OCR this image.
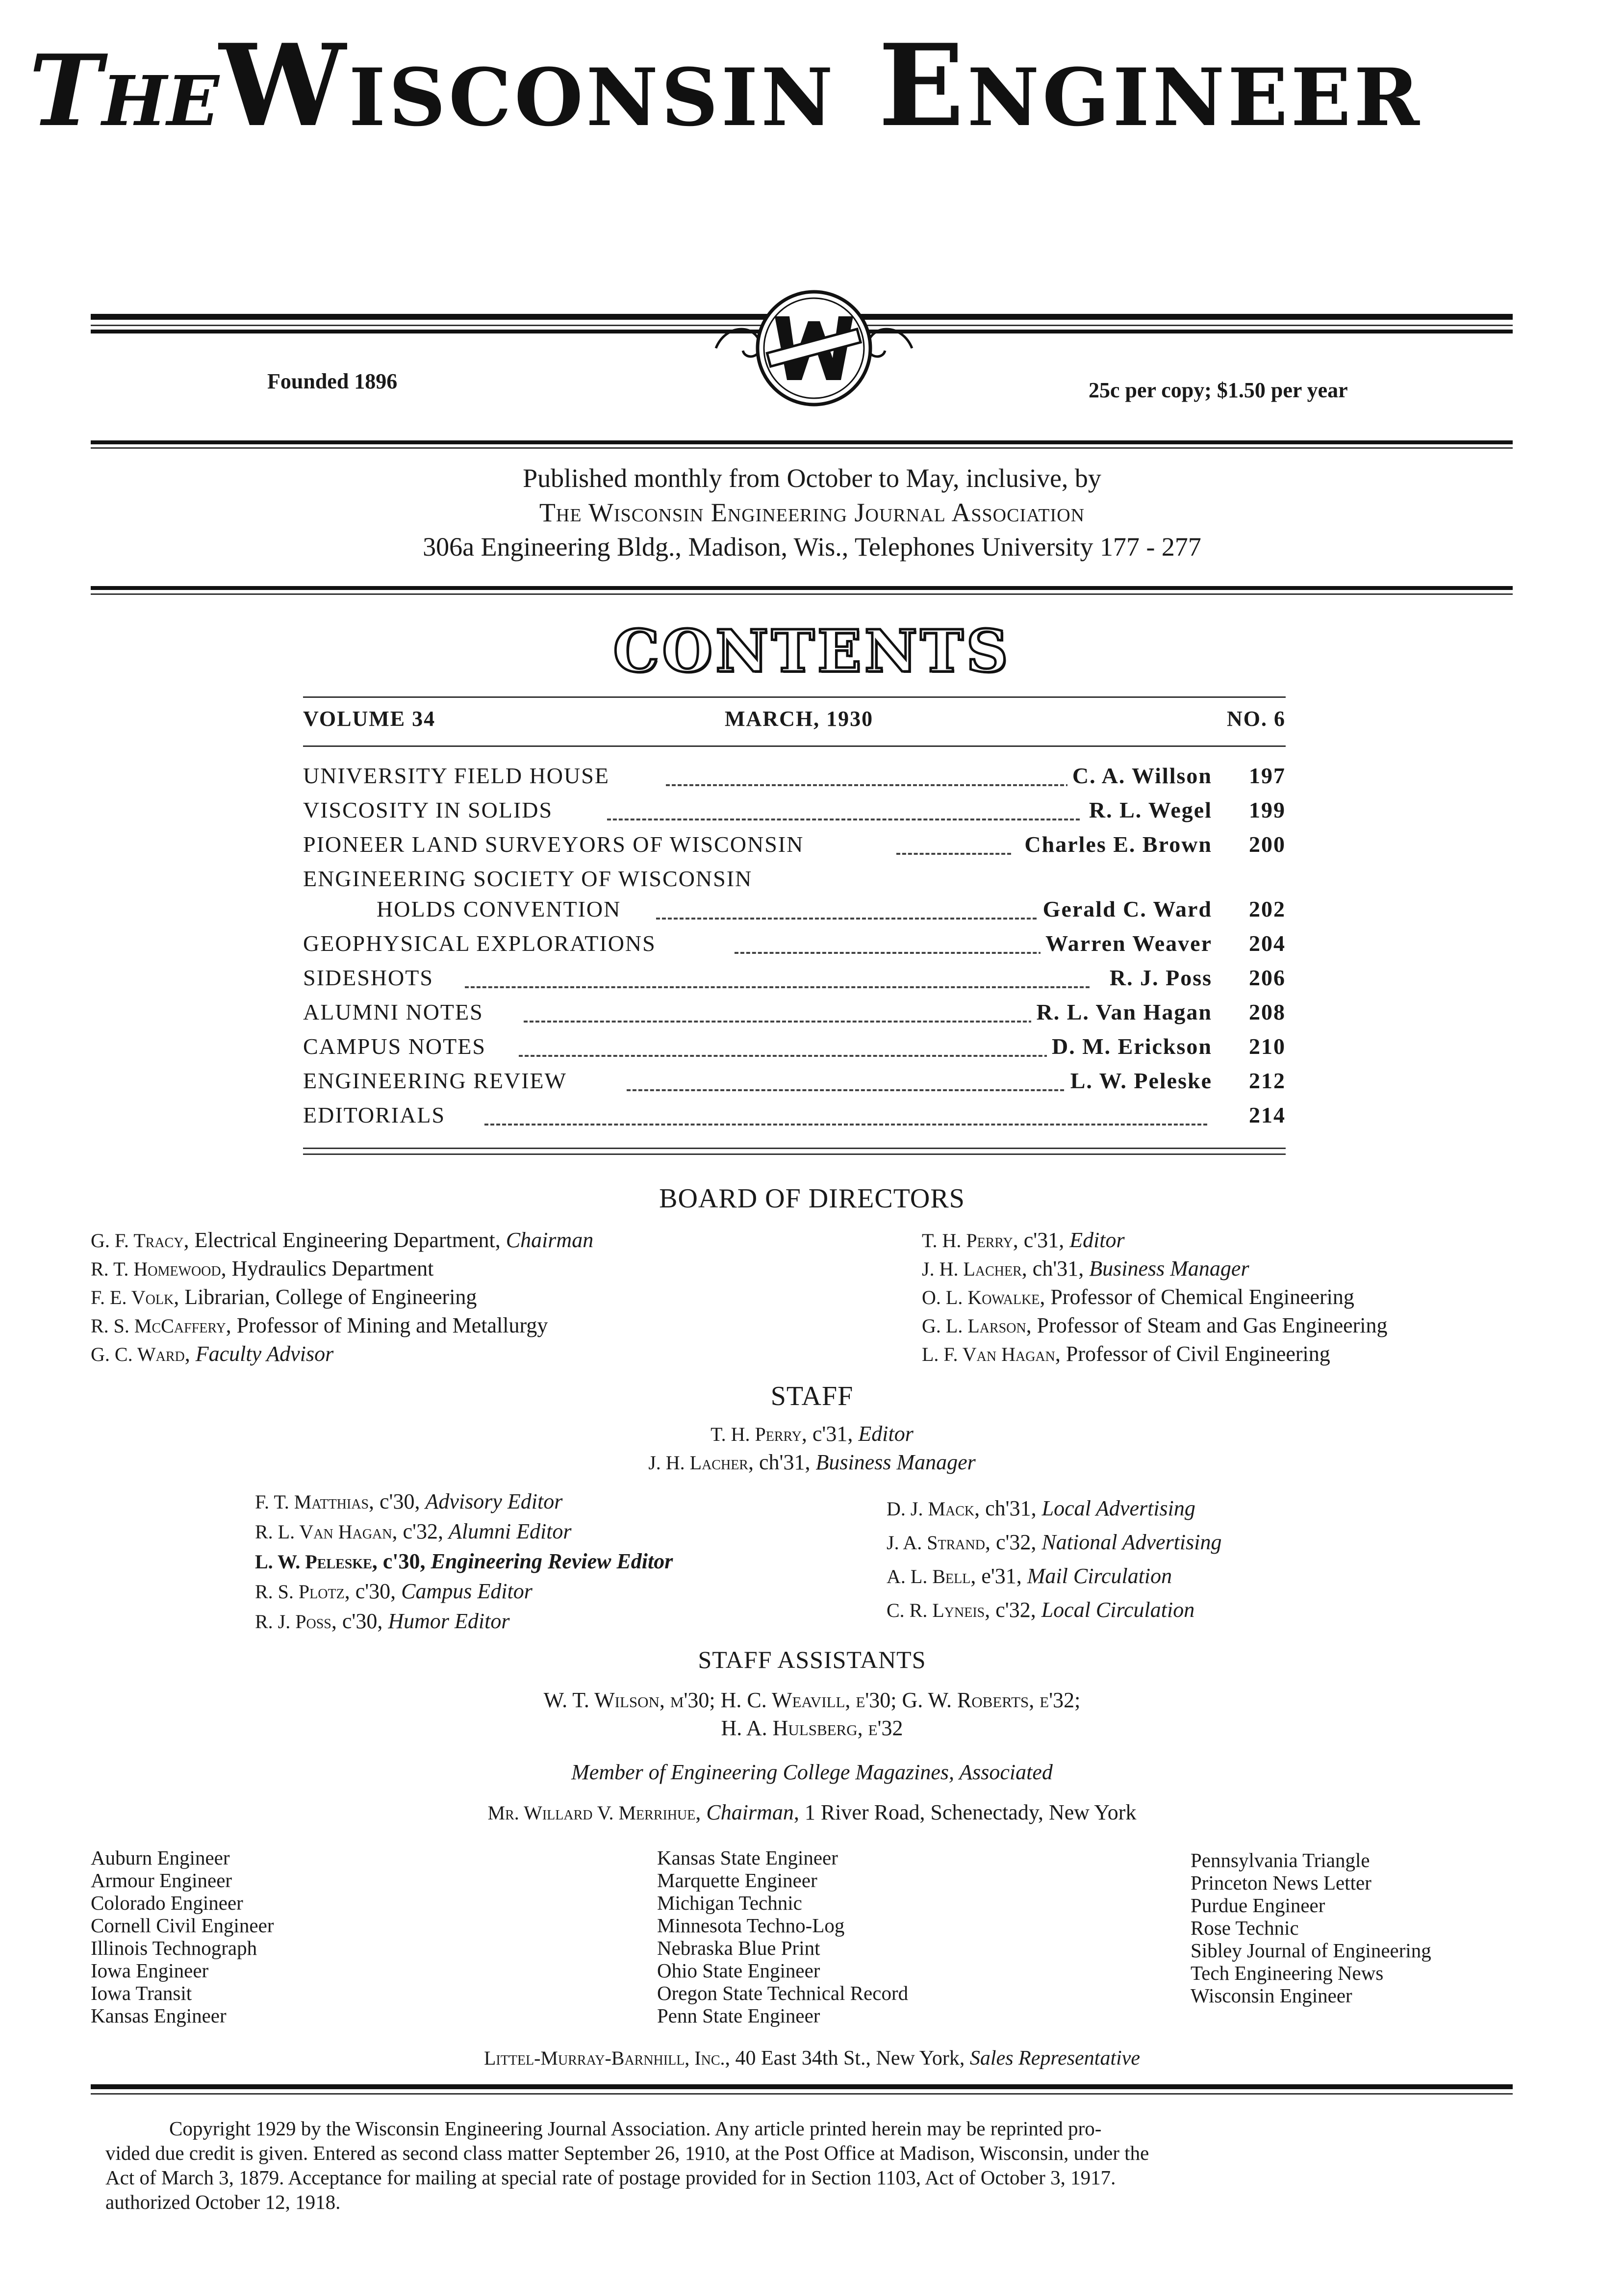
TheWisconsin Engineer
Founded 1896	25c per copy; $1.50 per year
Published monthly from October to May, inclusive, by
The Wisconsin Engineering Journal Association
306a Engineering Bldg., Madison, Wis., Telephones University 177 - 277
CONTENTS
VOLUME 34	MARCH, 1930	NO. 6
UNIVERSITY FIELD HOUSE	C. A. Willson	197
VISCOSITY IN SOLIDS	R. L. Wegel	199
PIONEER LAND SURVEYORS OF WISCONSIN	Charles E. Brown	200
ENGINEERING SOCIETY OF WISCONSIN
HOLDS CONVENTION	Gerald C. Ward	202
GEOPHYSICAL EXPLORATIONS	Warren Weaver	204
SIDESHOTS	R. J. Poss	206
ALUMNI NOTES	R. L. Van Hagan	208
CAMPUS NOTES	D. M. Erickson	210
ENGINEERING REVIEW	L. W. Peleske	212
EDITORIALS	214
BOARD OF DIRECTORS
G. F. Tracy, Electrical Engineering Department, Chairman
R. T. Homewood, Hydraulics Department
F. E. Volk, Librarian, College of Engineering
R. S. McCaffery, Professor of Mining and Metallurgy
G. C. Ward, Faculty Advisor
T. H. Perry, c'31, Editor
J. H. Lacher, ch'31, Business Manager
O. L. Kowalke, Professor of Chemical Engineering
G. L. Larson, Professor of Steam and Gas Engineering
L. F. Van Hagan, Professor of Civil Engineering
STAFF
T. H. Perry, c'31, Editor
J. H. Lacher, ch'31, Business Manager
F. T. Matthias, c'30, Advisory Editor
R. L. Van Hagan, c'32, Alumni Editor
L. W. Peleske, c'30, Engineering Review Editor
R. S. Plotz, c'30, Campus Editor
R. J. Poss, c'30, Humor Editor
D. J. Mack, ch'31, Local Advertising
J. A. Strand, c'32, National Advertising
A. L. Bell, e'31, Mail Circulation
C. R. Lyneis, c'32, Local Circulation
STAFF ASSISTANTS
W. T. Wilson, m'30; H. C. Weavill, e'30; G. W. Roberts, e'32;
H. A. Hulsberg, e'32
Member of Engineering College Magazines, Associated
Mr. Willard V. Merrihue, Chairman, 1 River Road, Schenectady, New York
Auburn Engineer
Armour Engineer
Colorado Engineer
Cornell Civil Engineer
Illinois Technograph
Iowa Engineer
Iowa Transit
Kansas Engineer
Kansas State Engineer
Marquette Engineer
Michigan Technic
Minnesota Techno-Log
Nebraska Blue Print
Ohio State Engineer
Oregon State Technical Record
Penn State Engineer
Pennsylvania Triangle
Princeton News Letter
Purdue Engineer
Rose Technic
Sibley Journal of Engineering
Tech Engineering News
Wisconsin Engineer
Littel-Murray-Barnhill, Inc., 40 East 34th St., New York, Sales Representative
Copyright 1929 by the Wisconsin Engineering Journal Association. Any article printed herein may be reprinted pro-
vided due credit is given. Entered as second class matter September 26, 1910, at the Post Office at Madison, Wisconsin, under the
Act of March 3, 1879. Acceptance for mailing at special rate of postage provided for in Section 1103, Act of October 3, 1917.
authorized October 12, 1918.
